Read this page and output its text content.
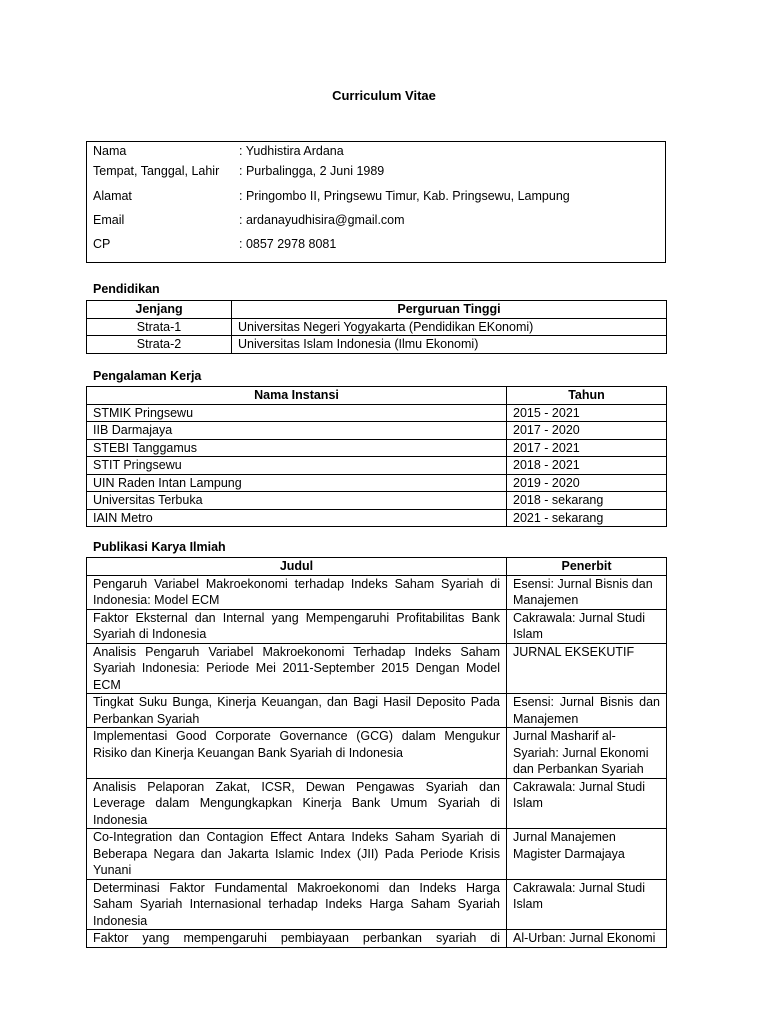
Curriculum Vitae
Nama	: Yudhistira Ardana
Tempat, Tanggal, Lahir	: Purbalingga, 2 Juni 1989
Alamat	: Pringombo II, Pringsewu Timur, Kab. Pringsewu, Lampung
Email	: ardanayudhisira@gmail.com
CP	: 0857 2978 8081
Pendidikan
Jenjang	Perguruan Tinggi
Strata-1	Universitas Negeri Yogyakarta (Pendidikan EKonomi)
Strata-2	Universitas Islam Indonesia (Ilmu Ekonomi)
Pengalaman Kerja
Nama Instansi	Tahun
STMIK Pringsewu	2015 - 2021
IIB Darmajaya	2017 - 2020
STEBI Tanggamus	2017 - 2021
STIT Pringsewu	2018 - 2021
UIN Raden Intan Lampung	2019 - 2020
Universitas Terbuka	2018 - sekarang
IAIN Metro	2021 - sekarang
Publikasi Karya Ilmiah
Judul	Penerbit
Pengaruh Variabel Makroekonomi terhadap Indeks Saham Syariah di Indonesia: Model ECM	Esensi: Jurnal Bisnis dan Manajemen
Faktor Eksternal dan Internal yang Mempengaruhi Profitabilitas Bank Syariah di Indonesia	Cakrawala: Jurnal Studi Islam
Analisis Pengaruh Variabel Makroekonomi Terhadap Indeks Saham Syariah Indonesia: Periode Mei 2011-September 2015 Dengan Model ECM	JURNAL EKSEKUTIF
Tingkat Suku Bunga, Kinerja Keuangan, dan Bagi Hasil Deposito Pada Perbankan Syariah	Esensi: Jurnal Bisnis dan Manajemen
Implementasi Good Corporate Governance (GCG) dalam Mengukur Risiko dan Kinerja Keuangan Bank Syariah di Indonesia	Jurnal Masharif al-Syariah: Jurnal Ekonomi dan Perbankan Syariah
Analisis Pelaporan Zakat, ICSR, Dewan Pengawas Syariah dan Leverage dalam Mengungkapkan Kinerja Bank Umum Syariah di Indonesia	Cakrawala: Jurnal Studi Islam
Co-Integration dan Contagion Effect Antara Indeks Saham Syariah di Beberapa Negara dan Jakarta Islamic Index (JII) Pada Periode Krisis Yunani	Jurnal Manajemen Magister Darmajaya
Determinasi Faktor Fundamental Makroekonomi dan Indeks Harga Saham Syariah Internasional terhadap Indeks Harga Saham Syariah Indonesia	Cakrawala: Jurnal Studi Islam
Faktor yang mempengaruhi pembiayaan perbankan syariah di	Al-Urban: Jurnal Ekonomi
